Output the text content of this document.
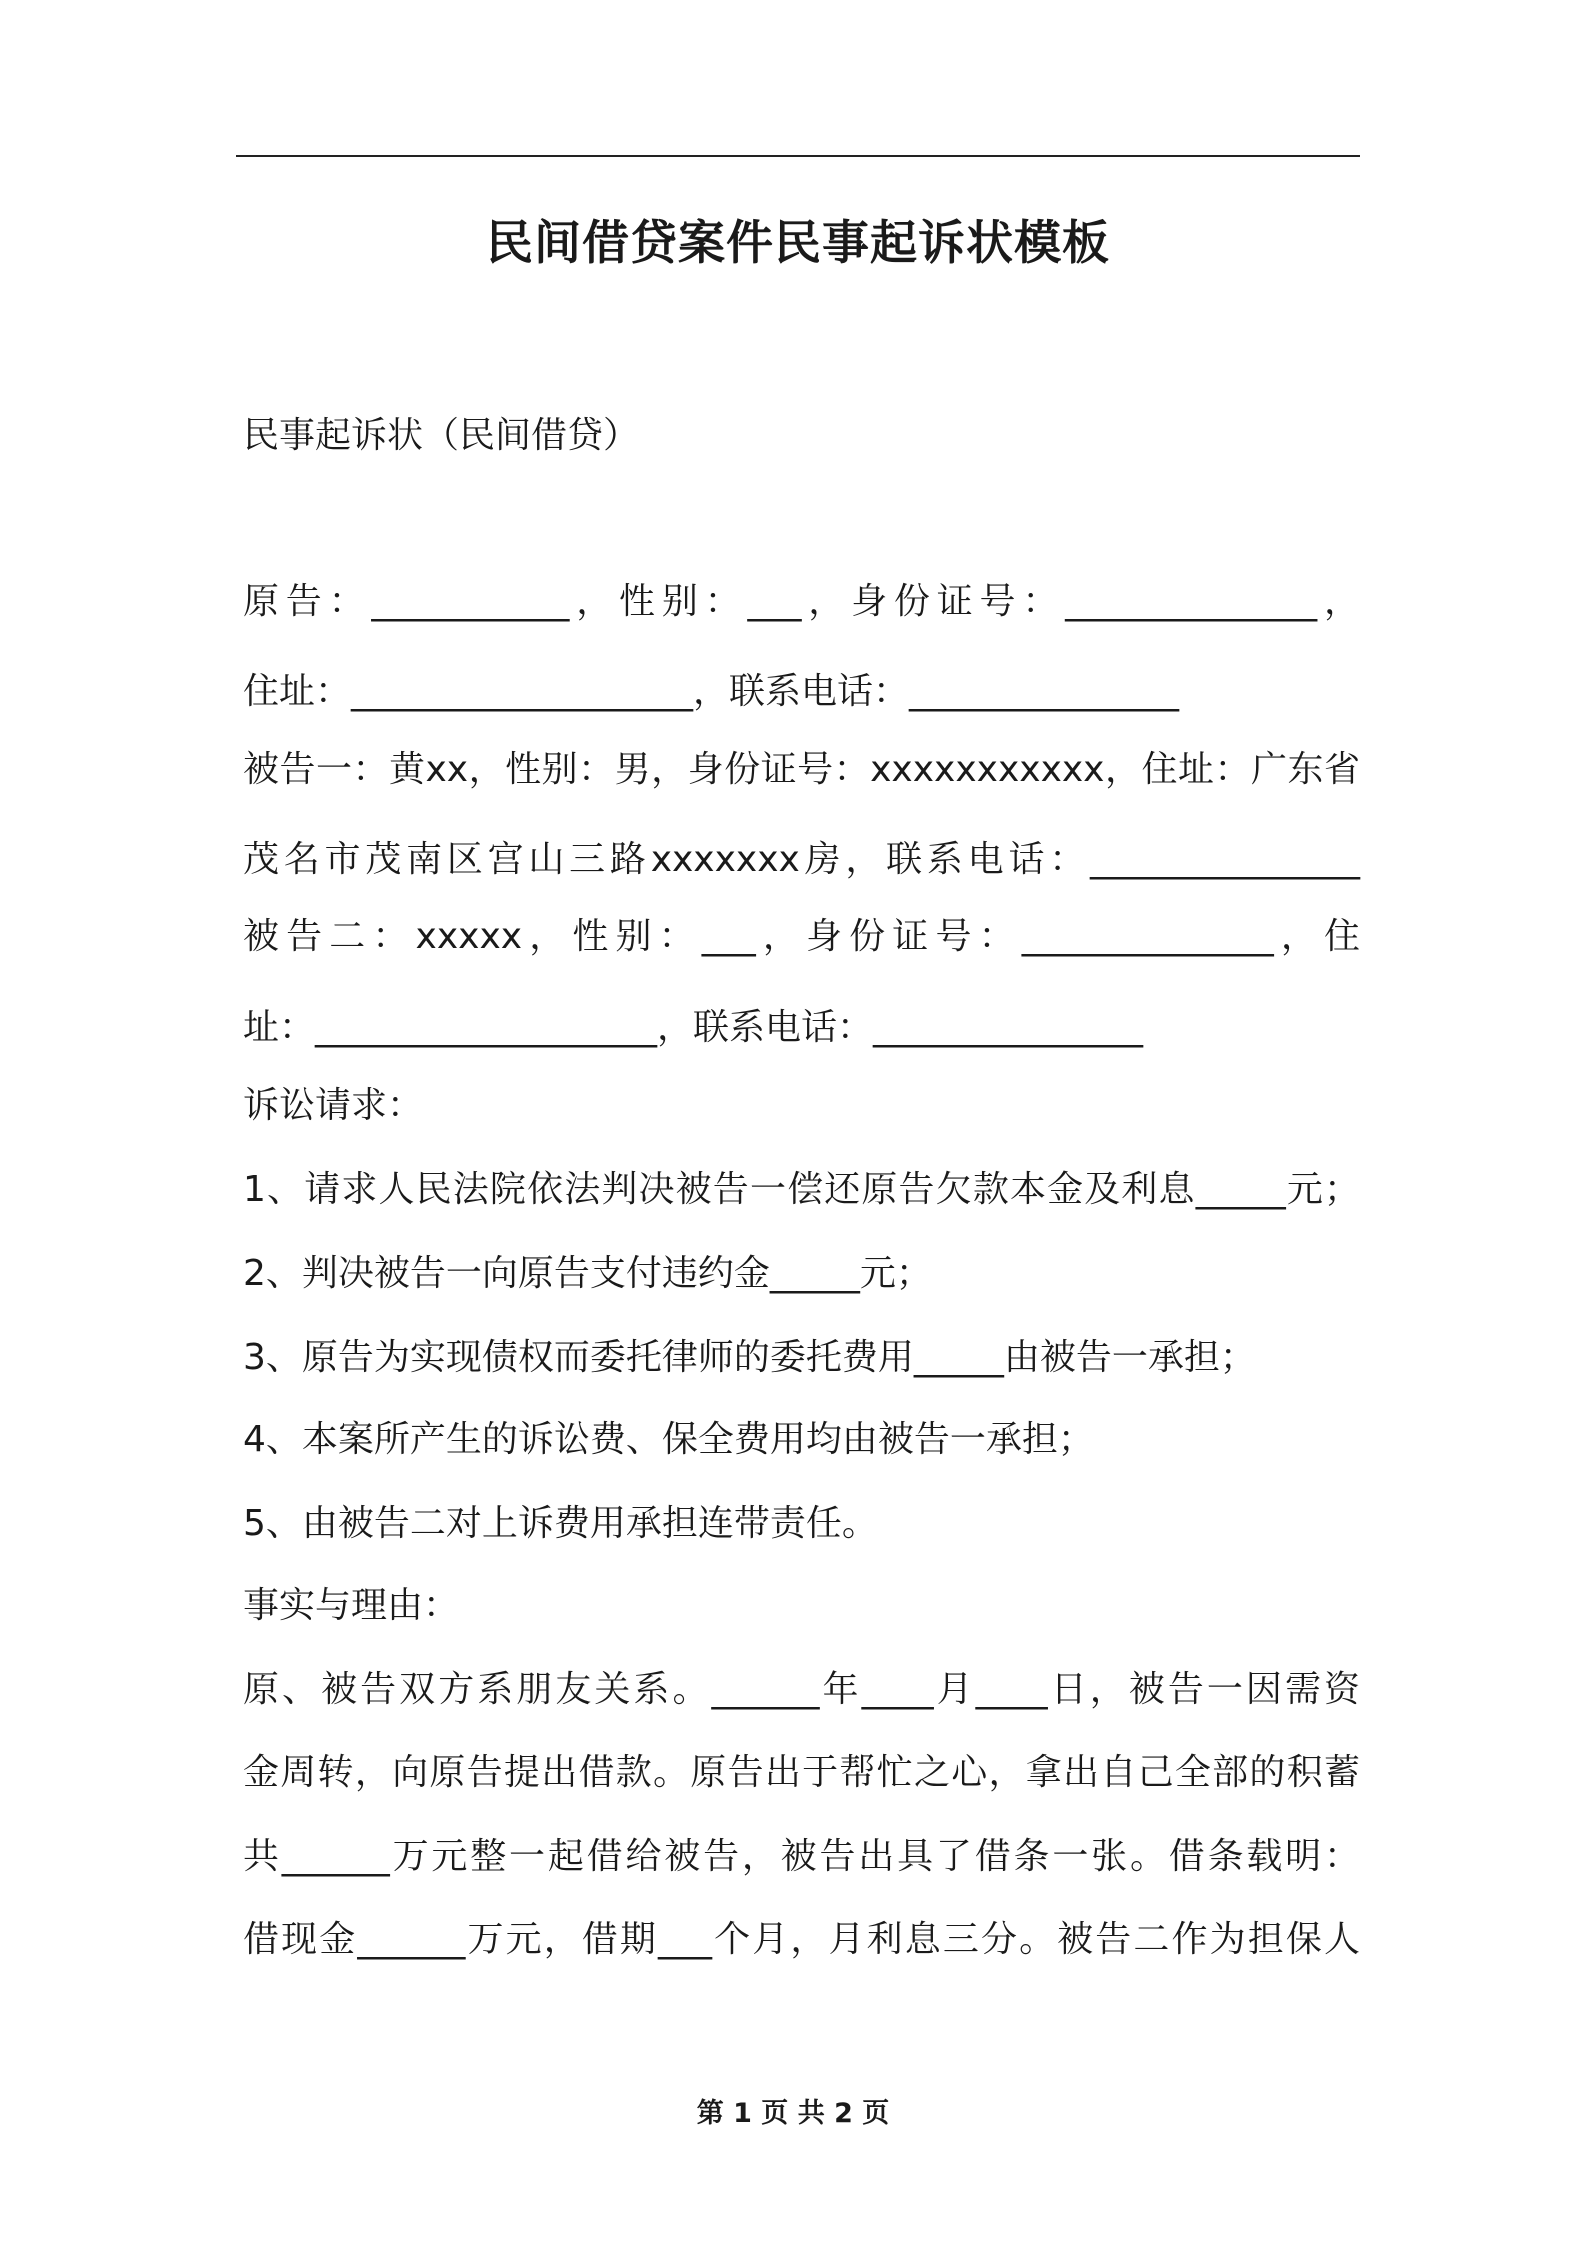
民间借贷案件民事起诉状模板
民事起诉状（民间借贷）
原告：___________，性别：___，身份证号：______________，
住址：___________________，联系电话：_______________
被告一：黄xx，性别：男，身份证号：xxxxxxxxxxx，住址：广东省
茂名市茂南区宫山三路xxxxxxx房，联系电话：_______________
被告二：xxxxx，性别：___，身份证号：______________，住
址：___________________，联系电话：_______________
诉讼请求：
1、请求人民法院依法判决被告一偿还原告欠款本金及利息_____元；
2、判决被告一向原告支付违约金_____元；
3、原告为实现债权而委托律师的委托费用_____由被告一承担；
4、本案所产生的诉讼费、保全费用均由被告一承担；
5、由被告二对上诉费用承担连带责任。
事实与理由：
原、被告双方系朋友关系。______年____月____日，被告一因需资
金周转，向原告提出借款。原告出于帮忙之心，拿出自己全部的积蓄
共______万元整一起借给被告，被告出具了借条一张。借条载明：
借现金______万元，借期___个月，月利息三分。被告二作为担保人
第 1 页 共 2 页
